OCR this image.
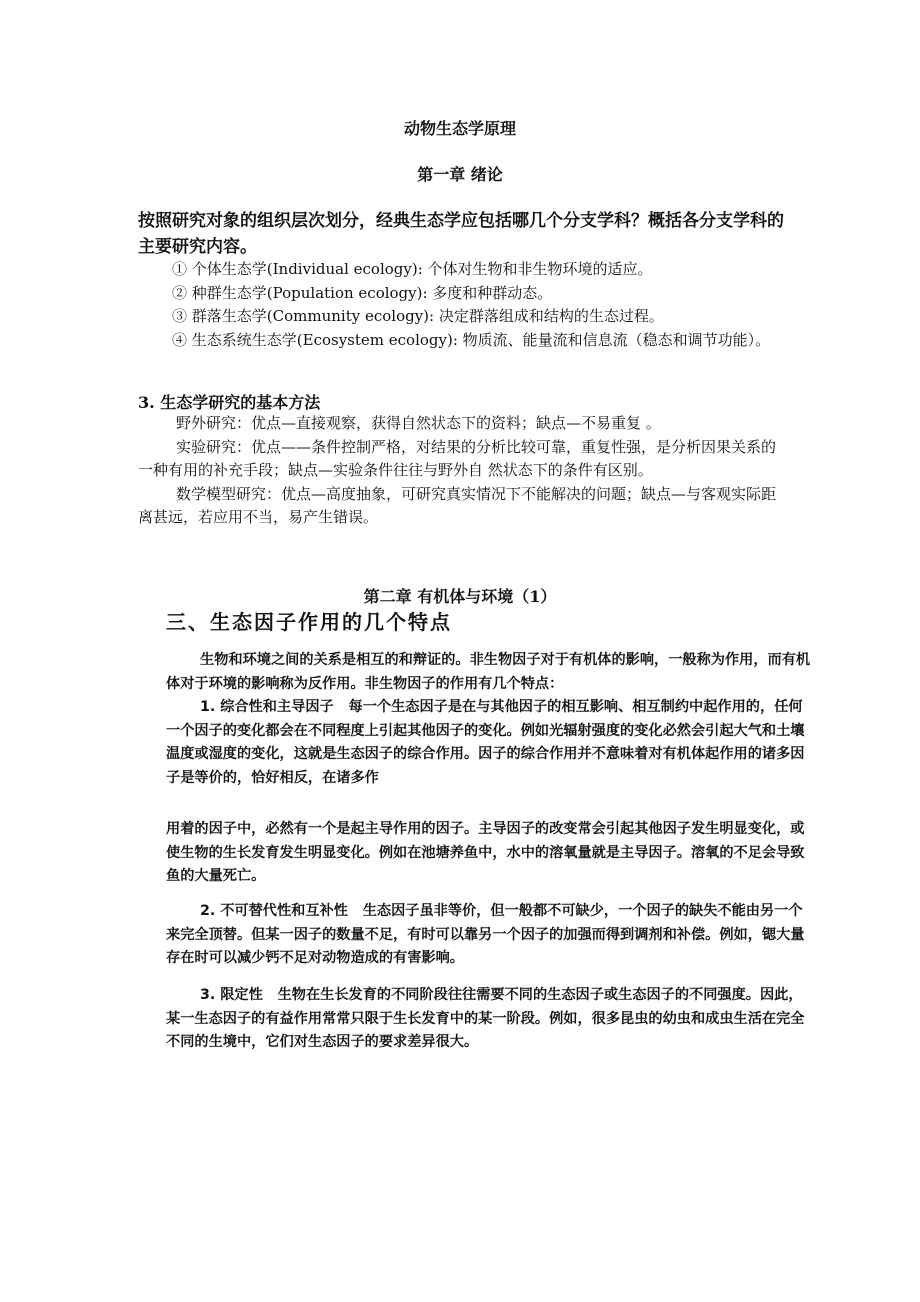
动物生态学原理
第一章 绪论
按照研究对象的组织层次划分，经典生态学应包括哪几个分支学科？概括各分支学科的主要研究内容。

① 个体生态学(Individual ecology): 个体对生物和非生物环境的适应。

② 种群生态学(Population ecology): 多度和种群动态。

③ 群落生态学(Community ecology): 决定群落组成和结构的生态过程。

④ 生态系统生态学(Ecosystem ecology): 物质流、能量流和信息流（稳态和调节功能）。

3. 生态学研究的基本方法

野外研究：优点—直接观察，获得自然状态下的资料；缺点—不易重复 。

实验研究：优点——条件控制严格，对结果的分析比较可靠，重复性强，是分析因果关系的一种有用的补充手段；缺点—实验条件往往与野外自 然状态下的条件有区别。

数学模型研究：优点—高度抽象，可研究真实情况下不能解决的问题；缺点—与客观实际距离甚远，若应用不当，易产生错误。

第二章 有机体与环境（1）
三、生态因子作用的几个特点

生物和环境之间的关系是相互的和辩证的。非生物因子对于有机体的影响，一般称为作用，而有机体对于环境的影响称为反作用。非生物因子的作用有几个特点：

1. 综合性和主导因子 每一个生态因子是在与其他因子的相互影响、相互制约中起作用的，任何一个因子的变化都会在不同程度上引起其他因子的变化。例如光辐射强度的变化必然会引起大气和土壤温度或湿度的变化，这就是生态因子的综合作用。因子的综合作用并不意味着对有机体起作用的诸多因子是等价的，恰好相反，在诸多作

用着的因子中，必然有一个是起主导作用的因子。主导因子的改变常会引起其他因子发生明显变化，或使生物的生长发育发生明显变化。例如在池塘养鱼中，水中的溶氧量就是主导因子。溶氧的不足会导致鱼的大量死亡。

2. 不可替代性和互补性 生态因子虽非等价，但一般都不可缺少，一个因子的缺失不能由另一个来完全顶替。但某一因子的数量不足，有时可以靠另一个因子的加强而得到调剂和补偿。例如，锶大量存在时可以减少钙不足对动物造成的有害影响。

3. 限定性 生物在生长发育的不同阶段往往需要不同的生态因子或生态因子的不同强度。因此，某一生态因子的有益作用常常只限于生长发育中的某一阶段。例如，很多昆虫的幼虫和成虫生活在完全不同的生境中，它们对生态因子的要求差异很大。
